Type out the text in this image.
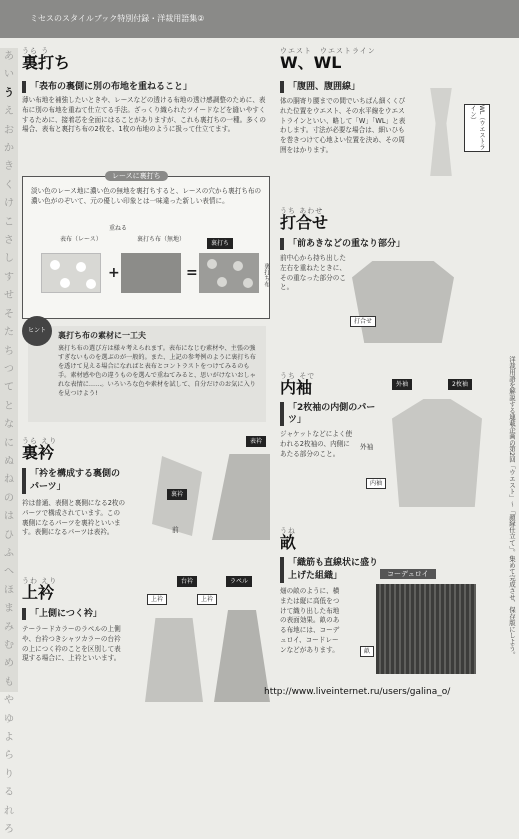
ミセスのスタイルブック特別付録・洋裁用語集②
あ
い
う
え
お
か
き
く
け
こ
さ
し
す
せ
そ
た
ち
つ
て
と
な
に
ぬ
ね
の
は
ひ
ふ
へ
ほ
ま
み
む
め
も
や
ゆ
よ
ら
り
る
れ
ろ
うら う
裏打ち
「表布の裏側に別の布地を重ねること」
薄い布地を補強したいときや、レースなどの透ける布地の透け感調整のために、表布に別の布地を重ねて仕立てる手法。ざっくり織られたツイードなどを縫いやすくするために、接着芯を全面にはることがありますが、これも裏打ちの一種。多くの場合、表布と裏打ち布の2枚を、1枚の布地のように扱って仕立てます。
レースに裏打ち
淡い色のレース地に濃い色の無地を裏打ちすると、レースの穴から裏打ち布の濃い色がのぞいて、元の優しい印象とは一味違った新しい表情に。
重ねる
+	=
裏打ち
表布（レース）	裏打ち布（無地）
裏打ち布
ヒント
裏打ち布の素材に一工夫
裏打ち布の選び方は様々考えられます。表布になじむ素材や、主張の強すぎないものを選ぶのが一般的。また、上記の参考例のように裏打ち布を透けて見える場合になればと表布とコントラストをつけてみるのも手。素材感や色の違うものを選んで重ねてみると、思いがけないおしゃれな表情に……。いろいろな色や素材を試して、自分だけのお気に入りを見つけよう!
うら えり
裏衿
「衿を構成する裏側のパーツ」
衿は普通、表側と裏側になる2枚のパーツで構成されています。この裏側になるパーツを裏衿といいます。表側になるパーツは表衿。
表衿
裏衿
前
うわ えり
上衿
「上側につく衿」
テーラードカラーのラペルの上側や、台衿つきシャツカラーの台衿の上につく衿のことを区別して表現する場合に、上衿といいます。
台衿	ラペル
上衿	上衿
ウエスト　ウエストライン
W、WL
「腹囲、腹囲線」
体の胴寄り腰までの間でいちばん細くくびれた位置をウエスト、その水平線をウエストラインといい、略して「W」「WL」と表わします。寸法が必要な場合は、細いひもを巻きつけて心地よい位置を決め、その周囲をはかります。	WL（ウエストライン）
うち あわせ
打合せ
「前あきなどの重なり部分」
前中心から持ち出した左右を重ねたときに、その重なった部分のこと。
打合せ
うち そで
内袖
「2枚袖の内側のパーツ」
ジャケットなどによく使われる2枚袖の、内側にあたる部分のこと。
外袖	2枚袖
外袖
内袖
うね
畝
「織筋も直線状に盛り上げた組織」
畑の畝のように、横または縦に高低をつけて織り出した布地の表面効果。畝のある布地には、コーデュロイ、コードレーンなどがあります。
コーデュロイ
畝	洋裁用語を解説する連載企画の第2回「ウエスト」～「顔縁仕立て」。集めて完成させ、保存版にしよう。
http://www.liveinternet.ru/users/galina_o/
